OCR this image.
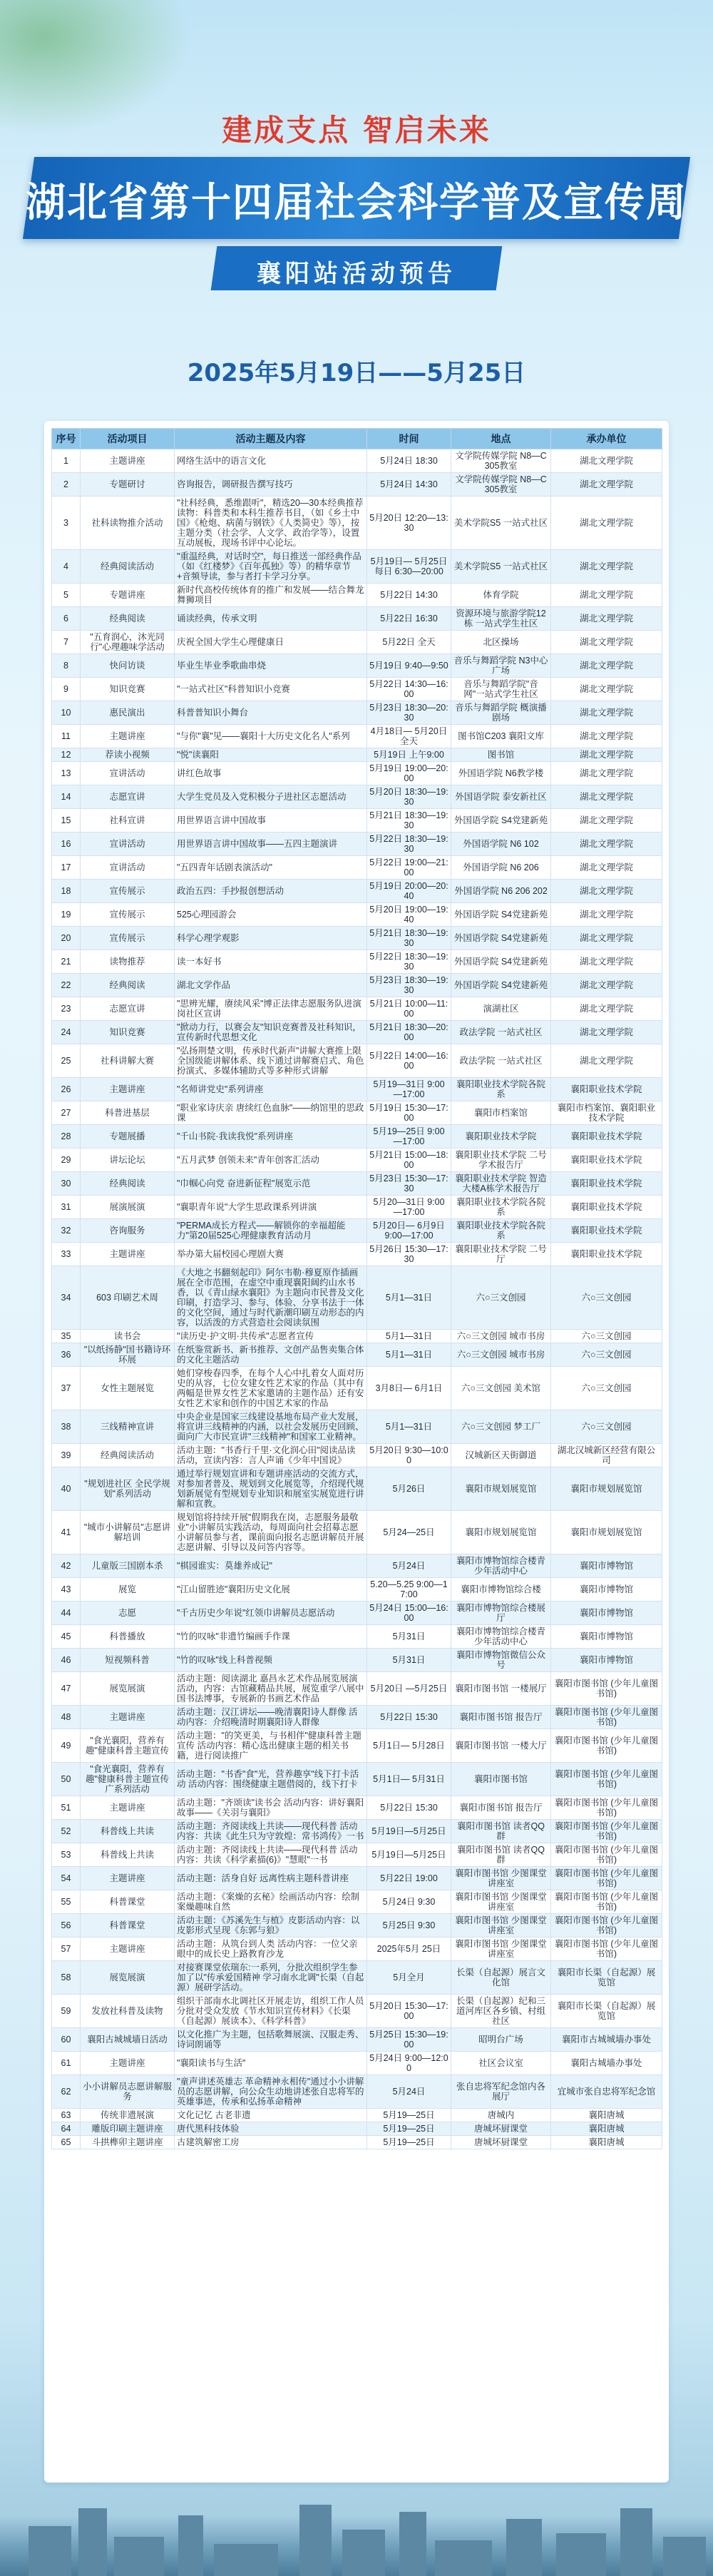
建成支点 智启未来
湖北省第十四届社会科学普及宣传周
襄阳站活动预告
2025年5月19日——5月25日
序号	活动项目	活动主题及内容	时间	地点	承办单位
1	主题讲座	网络生活中的语言文化	5月24日 18:30	文学院传媒学院 N8—C305教室	湖北文理学院
2	专题研讨	咨询报告，调研报告撰写技巧	5月24日 14:30	文学院传媒学院 N8—C305教室	湖北文理学院
3	社科读物推介活动	"社科经典，悉维跟听"，精选20—30本经典推荐读物：科普类和本科生推荐书目，（如《乡土中国》《枪炮、病菌与钢铁》《人类简史》等），按主题分类（社会学、人文学、政治学等），设置互动展板，现场书评中心论坛。	5月20日 12:20—13:30	美术学院S5 一站式社区	湖北文理学院
4	经典阅读活动	"重温经典，对话时空"，每日推送一部经典作品（如《红楼梦》《百年孤独》等）的精华章节+音频导读，参与者打卡学习分享。	5月19日— 5月25日每日 6:30—20:00	美术学院S5 一站式社区	湖北文理学院
5	专题讲座	新时代高校传统体育的推广和发展——结合舞龙舞狮项目	5月22日 14:30	体育学院	湖北文理学院
6	经典阅读	诵读经典，传承文明	5月22日 16:30	资源环境与旅游学院12栋 一站式学生社区	湖北文理学院
7	"五育润心，沐光同行"心理趣味学活动	庆祝全国大学生心理健康日	5月22日 全天	北区操场	湖北文理学院
8	快问访谈	毕业生毕业季歌曲串烧	5月19日 9:40—9:50	音乐与舞蹈学院 N3中心广场	湖北文理学院
9	知识竞赛	"一站式社区"科普知识小竞赛	5月22日 14:30—16:00	音乐与舞蹈学院"音网"一站式学生社区	湖北文理学院
10	惠民演出	科普普知识小舞台	5月23日 18:30—20:30	音乐与舞蹈学院 概演播剧场	湖北文理学院
11	主题讲座	"与你"襄"见——襄阳十大历史文化名人"系列	4月18日— 5月20日全天	图书馆C203 襄阳文库	湖北文理学院
12	荐读小视频	"悦"读襄阳	5月19日 上午9:00	图书馆	湖北文理学院
13	宣讲活动	讲红色故事	5月19日 19:00—20:00	外国语学院 N6教学楼	湖北文理学院
14	志愿宣讲	大学生党员及入党积极分子进社区志愿活动	5月20日 18:30—19:30	外国语学院 泰安新社区	湖北文理学院
15	社科宣讲	用世界语言讲中国故事	5月21日 18:30—19:30	外国语学院 S4党建新苑	湖北文理学院
16	宣讲活动	用世界语言讲中国故事——五四主题演讲	5月22日 18:30—19:30	外国语学院 N6 102	湖北文理学院
17	宣讲活动	"五四青年话剧表演活动"	5月22日 19:00—21:00	外国语学院 N6 206	湖北文理学院
18	宣传展示	政治五四：手抄报创想活动	5月19日 20:00—20:40	外国语学院 N6 206 202	湖北文理学院
19	宣传展示	525心理园游会	5月20日 19:00—19:40	外国语学院 S4党建新苑	湖北文理学院
20	宣传展示	科学心理学观影	5月21日 18:30—19:30	外国语学院 S4党建新苑	湖北文理学院
21	读物推荐	读一本好书	5月22日 18:30—19:30	外国语学院 S4党建新苑	湖北文理学院
22	经典阅读	湖北文学作品	5月23日 18:30—19:30	外国语学院 S4党建新苑	湖北文理学院
23	志愿宣讲	"思辨光耀，赓续风采"博正法律志愿服务队进演岗社区宣讲	5月21日 10:00—11:00	演湖社区	湖北文理学院
24	知识竞赛	"掀动力行，以赛会友"知识竞赛普及社科知识，宣传新时代思想文化	5月21日 18:30—20:00	政法学院 一站式社区	湖北文理学院
25	社科讲解大赛	"弘扬荆楚文明，传承时代新声"讲解大赛推上限全国级能讲解体系、线下通过讲解赛启式、角色扮演式、多媒体辅助式等多种形式讲解	5月22日 14:00—16:00	政法学院 一站式社区	湖北文理学院
26	主题讲座	"名师讲党史"系列讲座	5月19—31日 9:00—17:00	襄阳职业技术学院各院系	襄阳职业技术学院
27	科普进基层	"职业家诗庆亲 唐续红色血脉"——纳馆里的思政课	5月19日 15:30—17:00	襄阳市档案馆	襄阳市档案馆、襄阳职业技术学院
28	专题展播	"千山书院·我读我悦"系列讲座	5月19—25日 9:00—17:00	襄阳职业技术学院	襄阳职业技术学院
29	讲坛论坛	"五月武梦 创领未来"青年创客汇活动	5月21日 15:00—18:00	襄阳职业技术学院 二号学术报告厅	襄阳职业技术学院
30	经典阅读	"巾帼心向党 奋进新征程"展览示范	5月23日 15:30—17:30	襄阳职业技术学院 智造大楼A栋学术报告厅	襄阳职业技术学院
31	展演展演	"襄职青年说"大学生思政课系列讲演	5月20—31日 9:00—17:00	襄阳职业技术学院各院系	襄阳职业技术学院
32	咨询服务	"PERMA成长方程式——解锁你的幸福超能力"第20届525心理健康教育活动月	5月20日— 6月9日 9:00—17:00	襄阳职业技术学院各院系	襄阳职业技术学院
33	主题讲座	举办第大届校园心理剧大赛	5月26日 15:30—17:30	襄阳职业技术学院 二号厅	襄阳职业技术学院
34	603 印刷艺术周	《大地之书翻刻起印》阿尔韦勒·穆夏原作插画展在全市范围，在虚空中重现襄阳阔约山水书香，以《青山绿水襄阳》为主题向市民普及文化印刷，打造学习、参与、体验、分享书法于一体的文化空间，通过与时代新潮印刷互动形态的内容，以活泼的方式营造社会阅读氛围	5月1—31日	六○三文创园	六○三文创园
35	读书会	"读历史·护文明·共传承"志愿者宣传	5月1—31日	六○三文创园 城市书房	六○三文创园
36	"以纸扬静"国书籍诗环环展	在纸鉴赏新书、新书推荐、文创产品售卖集合体的文化主题活动	5月1—31日	六○三文创园 城市书房	六○三文创园
37	女性主题展览	她们穿梭春四季，在每个人心中扎着女人面对历史的从容，七位女建女性艺术家的作品（其中有两幅是世界女性艺术家邀请的主题作品）还有安女性艺术家和创作的中国艺术家的作品	3月8日— 6月1日	六○三文创园 美术馆	六○三文创园
38	三线精神宣讲	中央企业是国家三线建设基地布局产业大发展，将宣讲三线精神的内涵，以社会发展历史回顾、面向广大市民宣讲"三线精神"和国家工业精神。	5月1—31日	六○三文创园 梦工厂	六○三文创园
39	经典阅读活动	活动主题："书香行千里·文化润心田"阅读品读活动，宣读内容：言人声诵《少年中国说》	5月20日 9:30—10:00	汉城新区天街御道	湖北汉城新区经营有限公司
40	"规划进社区 全民学规划"系列活动	通过举行规划宣讲和专题讲座活动的交流方式，对参加者普及、规划到文化展览等，介绍现代规划新展觉有型规划专业知识和展室实展览进行讲解和宣教。	5月26日	襄阳市规划展览馆	襄阳市规划展览馆
41	"城市小讲解员"志愿讲解培训	规划馆将持续开展"假期我在岗，志愿服务最敬业"小讲解员实践活动，每周面向社会招募志愿小讲解员参与者，课前面向报名志愿讲解员开展志愿讲解、引导以及问答内容等。	5月24—25日	襄阳市规划展览馆	襄阳市规划展览馆
42	儿童版三国剧本杀	"棋园谁实：莫雄养成记"	5月24日	襄阳市博物馆综合楼青少年活动中心	襄阳市博物馆
43	展览	"江山留胜迹"襄阳历史文化展	5.20—5.25 9:00—17:00	襄阳市博物馆综合楼	襄阳市博物馆
44	志愿	"千古历史少年说"红领巾讲解员志愿活动	5月24日 15:00—16:00	襄阳市博物馆综合楼展厅	襄阳市博物馆
45	科普播放	"竹的叹咏"非遗竹编画手作课	5月31日	襄阳市博物馆综合楼青少年活动中心	襄阳市博物馆
46	短视频科普	"竹的叹咏"线上科普视频	5月31日	襄阳市博物馆微信公众号	襄阳市博物馆
47	展览展演	活动主题：阅读湖北 嘉昌永艺术作品展览展演活动，内容：古馆藏精品共展，展览重学八展中国书法博事，专展新的书画艺术作品	5月20日 —5月25日	襄阳市图书馆 一楼展厅	襄阳市图书馆 (少年儿童图书馆)
48	主题讲座	活动主题：汉江讲坛——晚清襄阳诗人群像 活动内容：介绍晚清时期襄阳诗人群像	5月22日 15:30	襄阳市图书馆 报告厅	襄阳市图书馆 (少年儿童图书馆)
49	"食光襄阳，营养有趣"健康科普主题宣传	活动主题："的笑更美，与书相伴"健康科普主题宣传 活动内容：精心选出健康主题的相关书籍，进行阅读推广	5月1日— 5月28日	襄阳市图书馆 一楼大厅	襄阳市图书馆 (少年儿童图书馆)
50	"食光襄阳，营养有趣"健康科普主题宣传广系列活动	活动主题："书香"食"光，营养趣享"线下打卡活动 活动内容：围绕健康主题借阅的，线下打卡	5月1日— 5月31日	襄阳市图书馆	襄阳市图书馆 (少年儿童图书馆)
51	主题讲座	活动主题："齐颂读"读书会 活动内容：讲好襄阳故事——《关羽与襄阳》	5月22日 15:30	襄阳市图书馆 报告厅	襄阳市图书馆 (少年儿童图书馆)
52	科普线上共读	活动主题：齐阅读线上共读——现代科普 活动内容：共读《此生只为守敦煌：常书鸿传》一书	5月19日—5月25日	襄阳市图书馆 读者QQ群	襄阳市图书馆 (少年儿童图书馆)
53	科普线上共读	活动主题：齐阅读线上共读——现代科普 活动内容：共读《科学素描(6)》"慧眼"一书	5月19日—5月25日	襄阳市图书馆 读者QQ群	襄阳市图书馆 (少年儿童图书馆)
54	主题讲座	活动主题：活身自好 远离性病主题科普讲座	5月22日 19:00	襄阳市图书馆 少图课堂讲座室	襄阳市图书馆 (少年儿童图书馆)
55	科普课堂	活动主题：《案燥的玄秘》绘画活动内容：绘制案燥趣味自然	5月24日 9:30	襄阳市图书馆 少图课堂讲座室	襄阳市图书馆 (少年儿童图书馆)
56	科普课堂	活动主题：《苏溪先生与植》皮影活动内容：以皮影形式呈现《东郭与狼》	5月25日 9:30	襄阳市图书馆 少图课堂讲座室	襄阳市图书馆 (少年儿童图书馆)
57	主题讲座	活动主题：从筑台到人类 活动内容：一位父亲眼中的成长史上路教育沙龙	2025年5月 25日	襄阳市图书馆 少图课堂讲座室	襄阳市图书馆 (少年儿童图书馆)
58	展览展演	对接赛课堂依瑞东:一系列，分批次组织学生参加了以"传承爱国精神 学习南水北调"长渠（自起源）展研学活动。	5月全月	长渠（自起源）展言文化馆	襄阳市长渠（自起源）展览馆
59	发放社科普及读物	组织干部南水北调社区开展走访，组织工作人员分批对受众发放《节水知识宣传材料》《长渠（自起源）展读本》、《科学科普》	5月20日 15:30—17:00	长渠（自起源）纪和三道河库区各乡镇、村组社区	襄阳市长渠（自起源）展览馆
60	襄阳古城城墙日活动	以文化推广为主题，包括歌舞展演、汉服走秀、诗词朗诵等	5月25日 15:30—19:00	昭明台广场	襄阳市古城城墙办事处
61	主题讲座	"襄阳读书与生活"	5月24日 9:00—12:00	社区会议室	襄阳古城墙办事处
62	小小讲解员志愿讲解服务	"童声讲述英雄志 革命精神永相传"通过小小讲解员的志愿讲解，向公众生动地讲述张自忠将军的英雄事迹，传承和弘扬革命精神	5月24日	张自忠将军纪念馆内各展厅	宜城市张自忠将军纪念馆
63	传统非遗展演	文化记忆 古老非遗	5月19—25日	唐城内	襄阳唐城
64	雕版印刷主题讲座	唐代黑科技体验	5月19—25日	唐城坏厨课堂	襄阳唐城
65	斗拱榫卯主题讲座	古建筑解密工房	5月19—25日	唐城坏厨课堂	襄阳唐城
